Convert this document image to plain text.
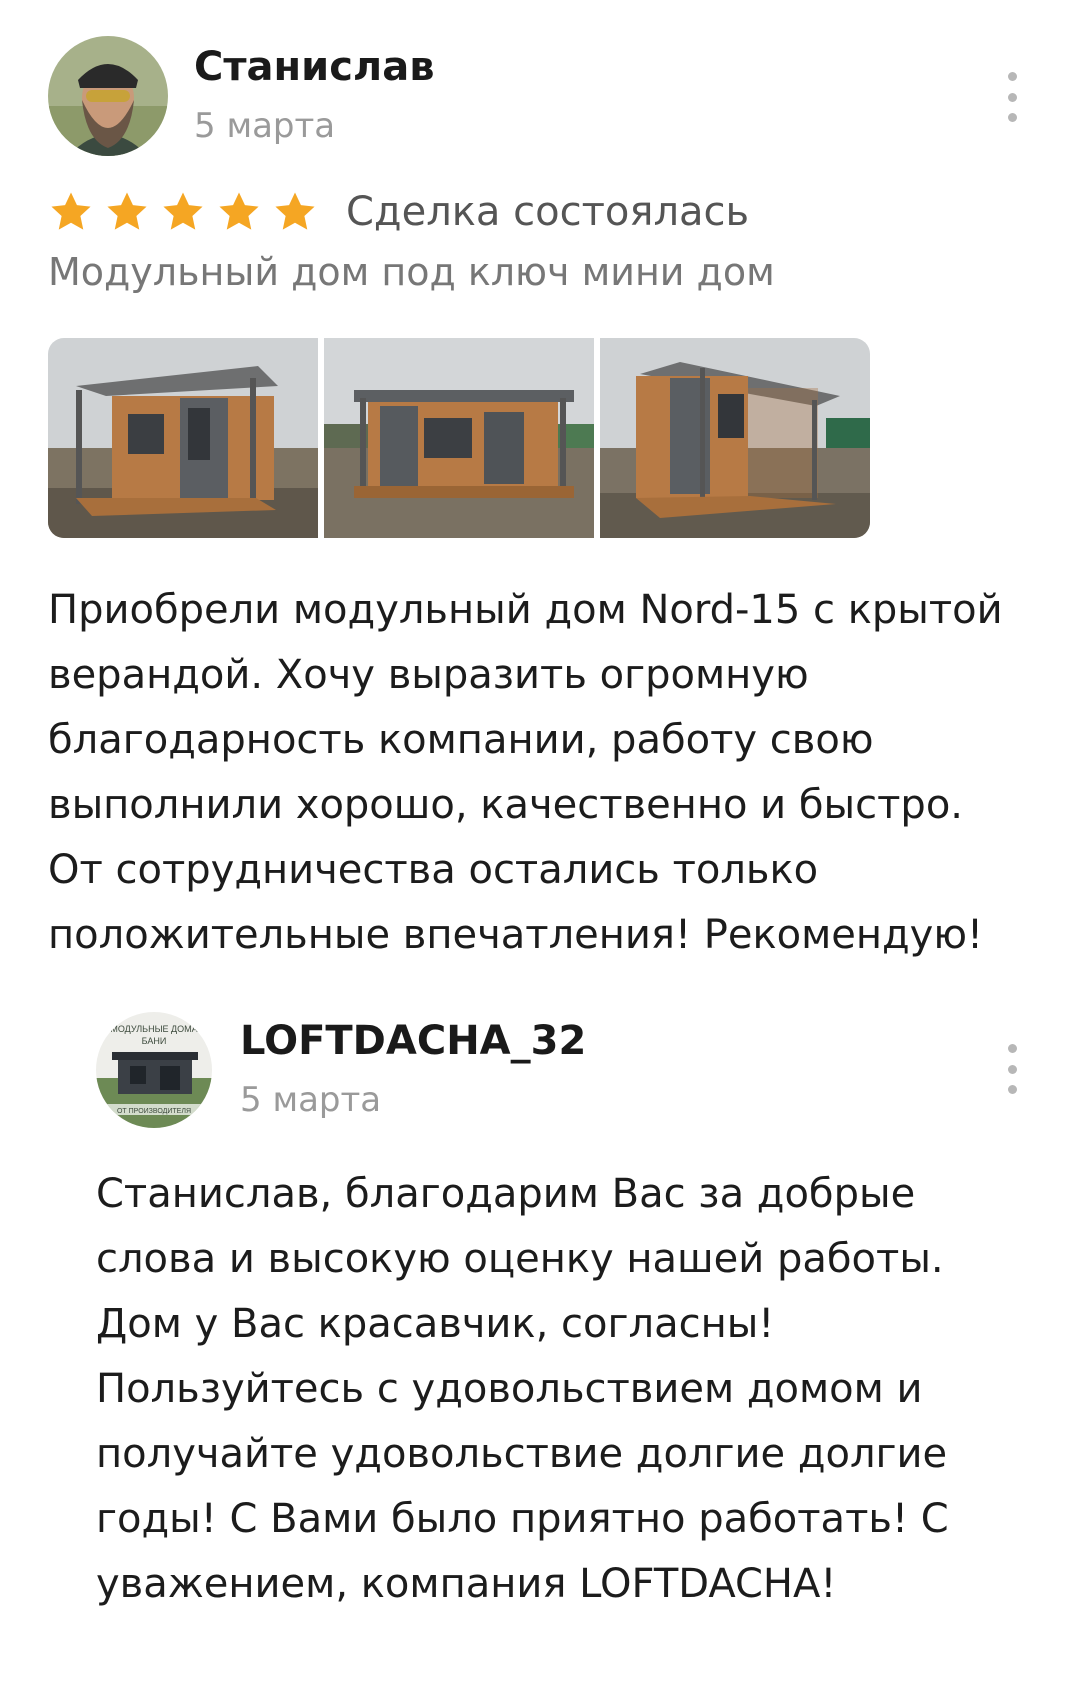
Станислав
5 марта
Сделка состоялась
Модульный дом под ключ мини дом
Приобрели модульный дом Nord-15 с крытой
верандой. Хочу выразить огромную
благодарность компании, работу свою
выполнили хорошо, качественно и быстро.
От сотрудничества остались только
положительные впечатления! Рекомендую!
МОДУЛЬНЫЕ ДОМА
БАНИ
ОТ ПРОИЗВОДИТЕЛЯ
LOFTDACHA_32
5 марта
Станислав, благодарим Вас за добрые
слова и высокую оценку нашей работы.
Дом у Вас красавчик, согласны!
Пользуйтесь с удовольствием домом и
получайте удовольствие долгие долгие
годы! С Вами было приятно работать! С
уважением, компания LOFTDACHA!
